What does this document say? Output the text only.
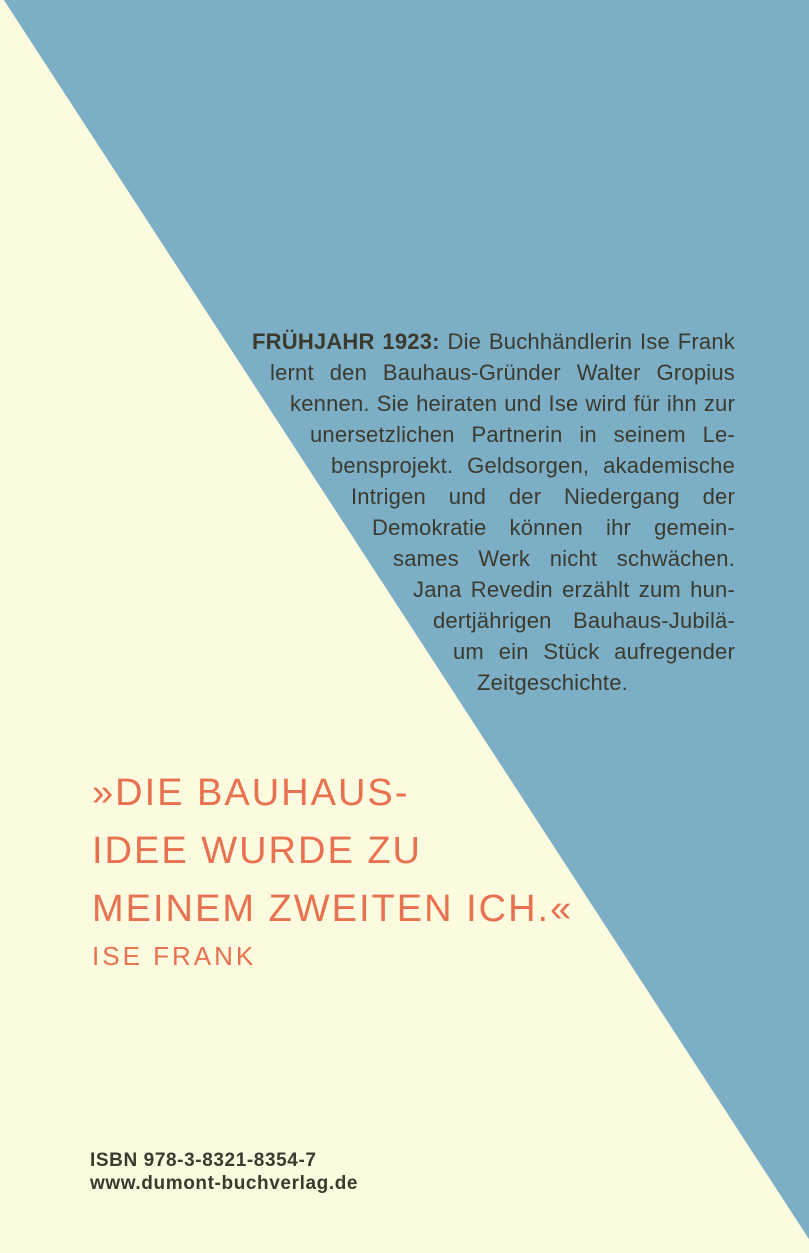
FRÜHJAHR 1923: Die Buchhändlerin Ise Frank
lernt den Bauhaus-Gründer Walter Gropius
kennen. Sie heiraten und Ise wird für ihn zur
unersetzlichen Partnerin in seinem Le-
bensprojekt. Geldsorgen, akademische
Intrigen und der Niedergang der
Demokratie können ihr gemein-
sames Werk nicht schwächen.
Jana Revedin erzählt zum hun-
dertjährigen Bauhaus-Jubilä-
um ein Stück aufregender
Zeitgeschichte.
»DIE BAUHAUS-
IDEE WURDE ZU
MEINEM ZWEITEN ICH.«
ISE FRANK
ISBN 978-3-8321-8354-7
www.dumont-buchverlag.de
